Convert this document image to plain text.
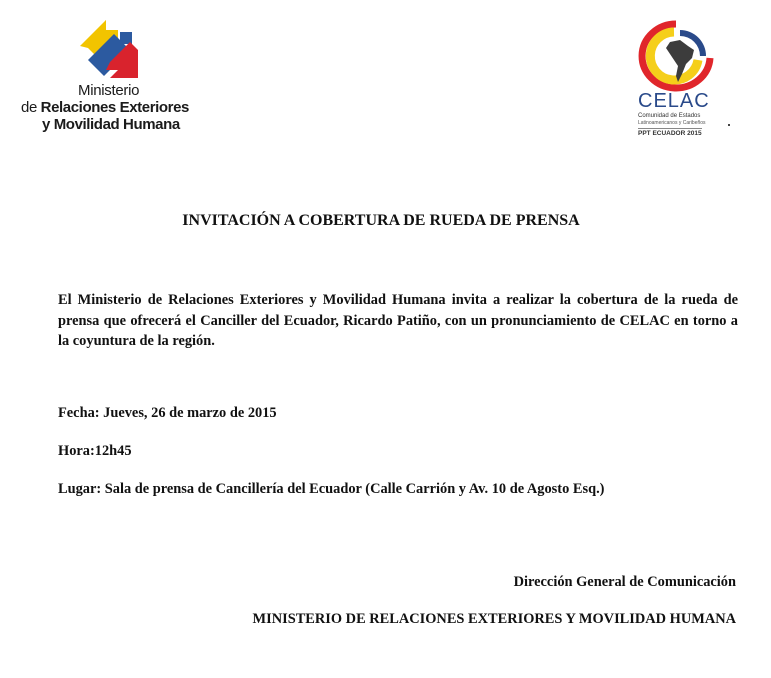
Ministerio
de Relaciones Exteriores
y Movilidad Humana
CELAC
Comunidad de Estados
Latinoamericanos y Caribeños
PPT ECUADOR 2015
INVITACIÓN A COBERTURA DE RUEDA DE PRENSA
El Ministerio de Relaciones Exteriores y Movilidad Humana invita a realizar la cobertura de la rueda de prensa que ofrecerá el Canciller del Ecuador, Ricardo Patiño, con un pronunciamiento de CELAC en torno a la coyuntura de la región.
Fecha: Jueves, 26 de marzo de 2015
Hora:12h45
Lugar: Sala de prensa de Cancillería del Ecuador (Calle Carrión y Av. 10 de Agosto Esq.)
Dirección General de Comunicación
MINISTERIO DE RELACIONES EXTERIORES Y MOVILIDAD HUMANA
